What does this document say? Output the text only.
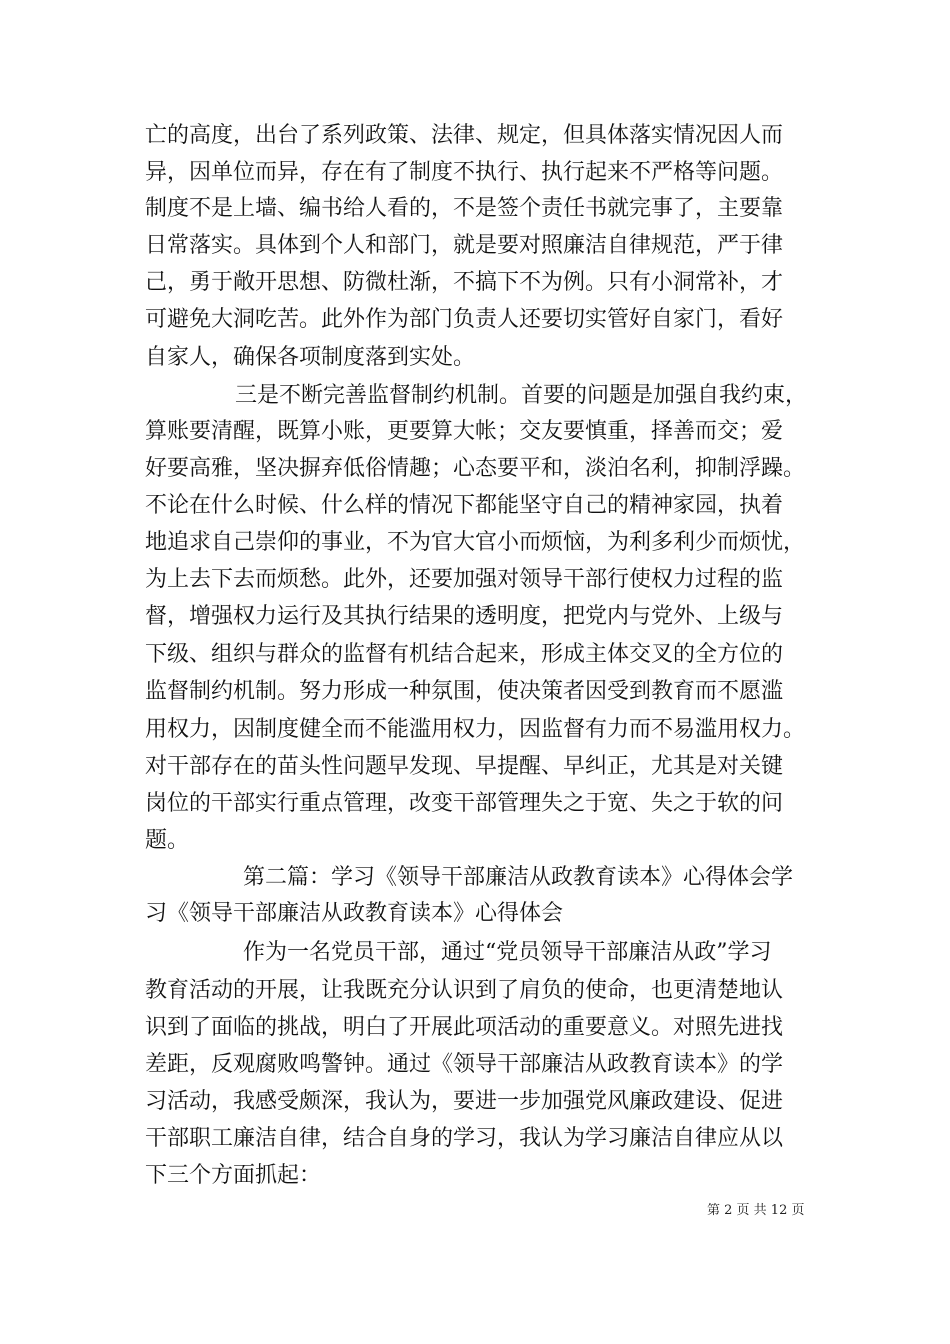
亡的高度，出台了系列政策、法律、规定，但具体落实情况因人而
异，因单位而异，存在有了制度不执行、执行起来不严格等问题。
制度不是上墙、编书给人看的，不是签个责任书就完事了，主要靠
日常落实。具体到个人和部门，就是要对照廉洁自律规范，严于律
己，勇于敞开思想、防微杜渐，不搞下不为例。只有小洞常补，才
可避免大洞吃苦。此外作为部门负责人还要切实管好自家门，看好
自家人，确保各项制度落到实处。
三是不断完善监督制约机制。首要的问题是加强自我约束，
算账要清醒，既算小账，更要算大帐；交友要慎重，择善而交；爱
好要高雅，坚决摒弃低俗情趣；心态要平和，淡泊名利，抑制浮躁。
不论在什么时候、什么样的情况下都能坚守自己的精神家园，执着
地追求自己崇仰的事业，不为官大官小而烦恼，为利多利少而烦忧，
为上去下去而烦愁。此外，还要加强对领导干部行使权力过程的监
督，增强权力运行及其执行结果的透明度，把党内与党外、上级与
下级、组织与群众的监督有机结合起来，形成主体交叉的全方位的
监督制约机制。努力形成一种氛围，使决策者因受到教育而不愿滥
用权力，因制度健全而不能滥用权力，因监督有力而不易滥用权力。
对干部存在的苗头性问题早发现、早提醒、早纠正，尤其是对关键
岗位的干部实行重点管理，改变干部管理失之于宽、失之于软的问
题。
第二篇：学习《领导干部廉洁从政教育读本》心得体会学
习《领导干部廉洁从政教育读本》心得体会
作为一名党员干部，通过“党员领导干部廉洁从政”学习
教育活动的开展，让我既充分认识到了肩负的使命，也更清楚地认
识到了面临的挑战，明白了开展此项活动的重要意义。对照先进找
差距，反观腐败鸣警钟。通过《领导干部廉洁从政教育读本》的学
习活动，我感受颇深，我认为，要进一步加强党风廉政建设、促进
干部职工廉洁自律，结合自身的学习，我认为学习廉洁自律应从以
下三个方面抓起：
第 2 页 共 12 页
